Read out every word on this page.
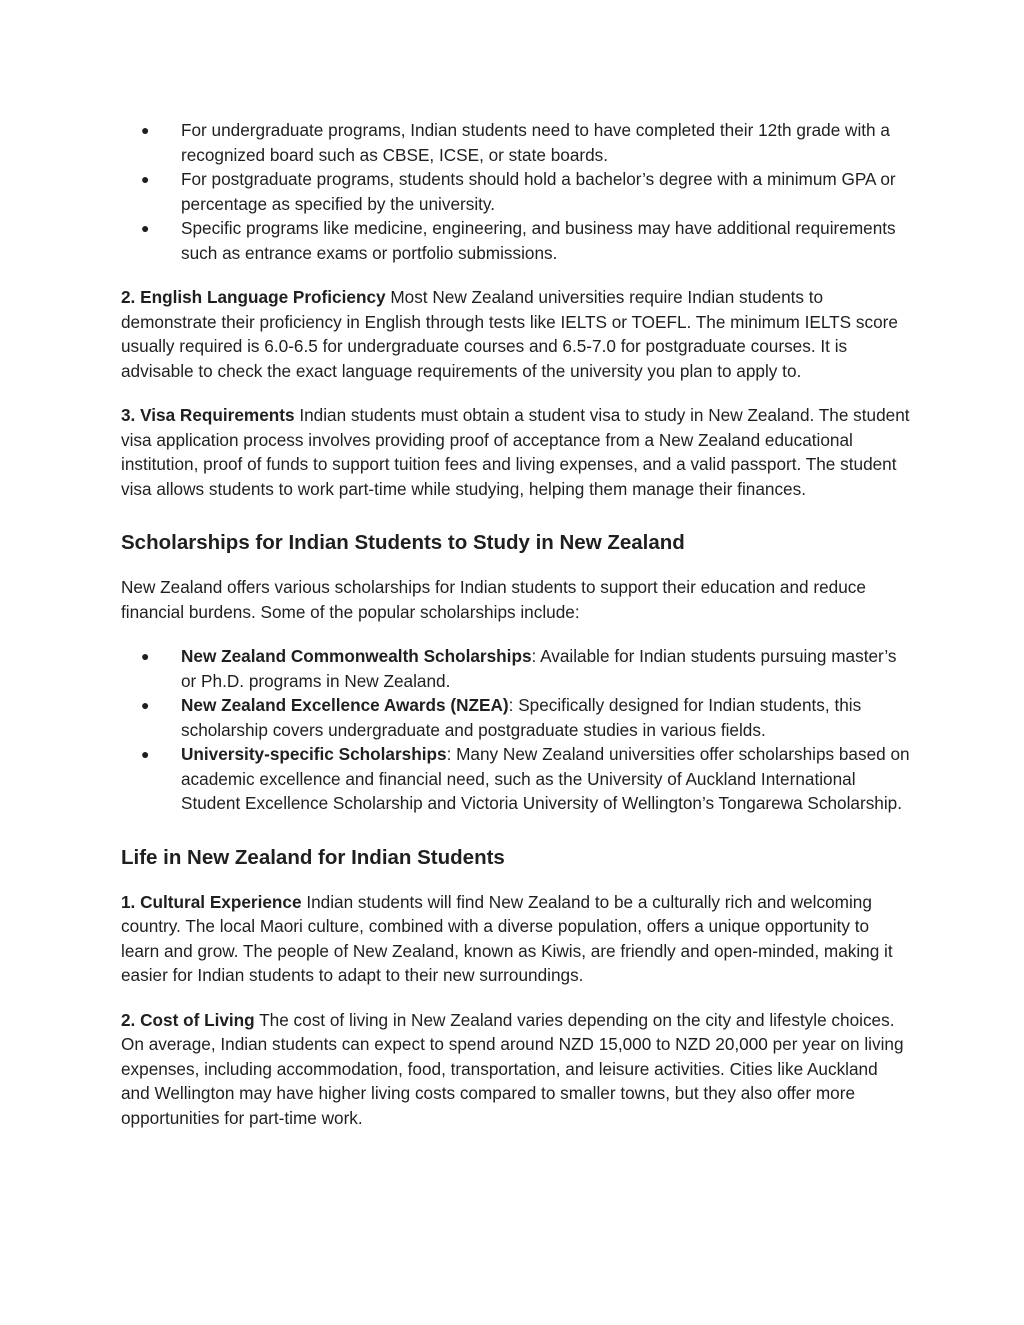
● For undergraduate programs, Indian students need to have completed their 12th grade with a recognized board such as CBSE, ICSE, or state boards.
● For postgraduate programs, students should hold a bachelor’s degree with a minimum GPA or percentage as specified by the university.
● Specific programs like medicine, engineering, and business may have additional requirements such as entrance exams or portfolio submissions.

2. English Language Proficiency Most New Zealand universities require Indian students to demonstrate their proficiency in English through tests like IELTS or TOEFL. The minimum IELTS score usually required is 6.0-6.5 for undergraduate courses and 6.5-7.0 for postgraduate courses. It is advisable to check the exact language requirements of the university you plan to apply to.

3. Visa Requirements Indian students must obtain a student visa to study in New Zealand. The student visa application process involves providing proof of acceptance from a New Zealand educational institution, proof of funds to support tuition fees and living expenses, and a valid passport. The student visa allows students to work part-time while studying, helping them manage their finances.

Scholarships for Indian Students to Study in New Zealand

New Zealand offers various scholarships for Indian students to support their education and reduce financial burdens. Some of the popular scholarships include:

● New Zealand Commonwealth Scholarships: Available for Indian students pursuing master’s or Ph.D. programs in New Zealand.
● New Zealand Excellence Awards (NZEA): Specifically designed for Indian students, this scholarship covers undergraduate and postgraduate studies in various fields.
● University-specific Scholarships: Many New Zealand universities offer scholarships based on academic excellence and financial need, such as the University of Auckland International Student Excellence Scholarship and Victoria University of Wellington’s Tongarewa Scholarship.
Life in New Zealand for Indian Students

1. Cultural Experience Indian students will find New Zealand to be a culturally rich and welcoming country. The local Maori culture, combined with a diverse population, offers a unique opportunity to learn and grow. The people of New Zealand, known as Kiwis, are friendly and open-minded, making it easier for Indian students to adapt to their new surroundings.

2. Cost of Living The cost of living in New Zealand varies depending on the city and lifestyle choices. On average, Indian students can expect to spend around NZD 15,000 to NZD 20,000 per year on living expenses, including accommodation, food, transportation, and leisure activities. Cities like Auckland and Wellington may have higher living costs compared to smaller towns, but they also offer more opportunities for part-time work.
